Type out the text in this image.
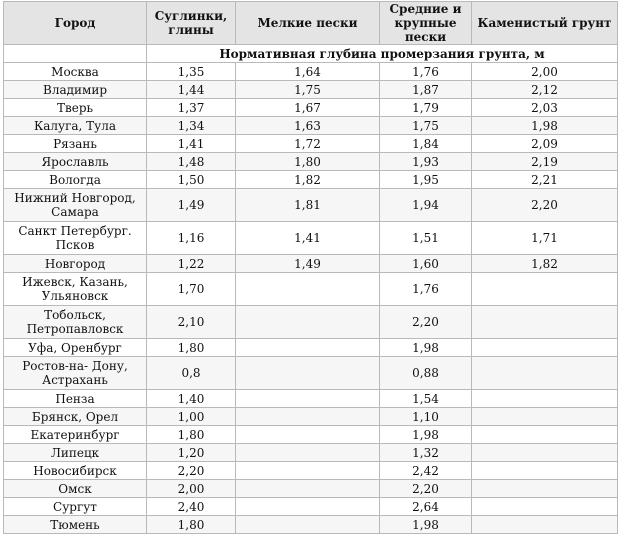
Город	Суглинки, глины	Мелкие пески	Средние и крупные пески	Каменистый грунт
	Нормативная глубина промерзания грунта, м			
Москва	1,35	1,64	1,76	2,00
Владимир	1,44	1,75	1,87	2,12
Тверь	1,37	1,67	1,79	2,03
Калуга, Тула	1,34	1,63	1,75	1,98
Рязань	1,41	1,72	1,84	2,09
Ярославль	1,48	1,80	1,93	2,19
Вологда	1,50	1,82	1,95	2,21
Нижний Новгород, Самара	1,49	1,81	1,94	2,20
Санкт Петербург. Псков	1,16	1,41	1,51	1,71
Новгород	1,22	1,49	1,60	1,82
Ижевск, Казань, Ульяновск	1,70		1,76	
Тобольск, Петропавловск	2,10		2,20	
Уфа, Оренбург	1,80		1,98	
Ростов-на- Дону, Астрахань	0,8		0,88	
Пенза	1,40		1,54	
Брянск, Орел	1,00		1,10	
Екатеринбург	1,80		1,98	
Липецк	1,20		1,32	
Новосибирск	2,20		2,42	
Омск	2,00		2,20	
Сургут	2,40		2,64	
Тюмень	1,80		1,98	
